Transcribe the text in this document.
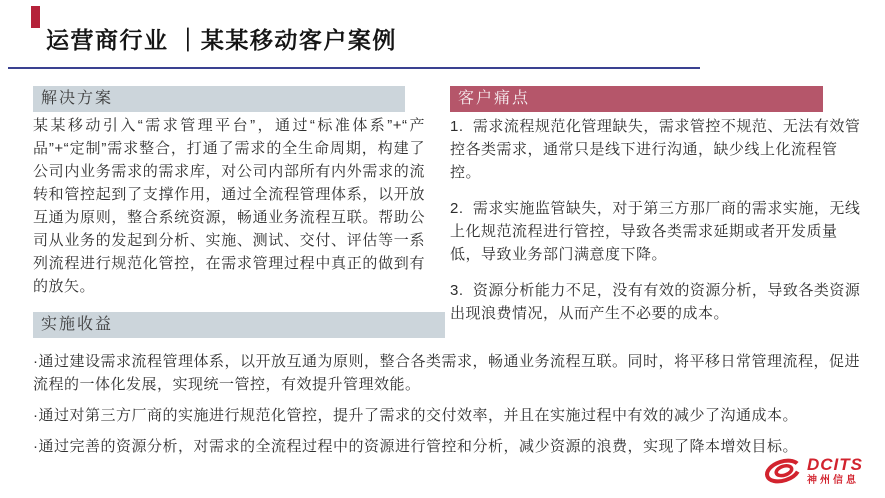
运营商行业 ｜某某移动客户案例
解决方案

某某移动引入“需求管理平台”，通过“标准体系”+“产品”+“定制”需求整合，打通了需求的全生命周期，构建了公司内业务需求的需求库，对公司内部所有内外需求的流转和管控起到了支撑作用，通过全流程管理体系，以开放互通为原则，整合系统资源，畅通业务流程互联。帮助公司从业务的发起到分析、实施、测试、交付、评估等一系列流程进行规范化管控，在需求管理过程中真正的做到有的放矢。

客户痛点

1.  需求流程规范化管理缺失，需求管控不规范、无法有效管控各类需求，通常只是线下进行沟通，缺少线上化流程管控。

2.  需求实施监管缺失，对于第三方那厂商的需求实施，无线上化规范流程进行管控，导致各类需求延期或者开发质量低，导致业务部门满意度下降。

3.  资源分析能力不足，没有有效的资源分析，导致各类资源出现浪费情况，从而产生不必要的成本。

实施收益

·通过建设需求流程管理体系，以开放互通为原则，整合各类需求，畅通业务流程互联。同时，将平移日常管理流程，促进流程的一体化发展，实现统一管控，有效提升管理效能。

·通过对第三方厂商的实施进行规范化管控，提升了需求的交付效率，并且在实施过程中有效的减少了沟通成本。

·通过完善的资源分析，对需求的全流程过程中的资源进行管控和分析，减少资源的浪费，实现了降本增效目标。

DCITS
神州信息
